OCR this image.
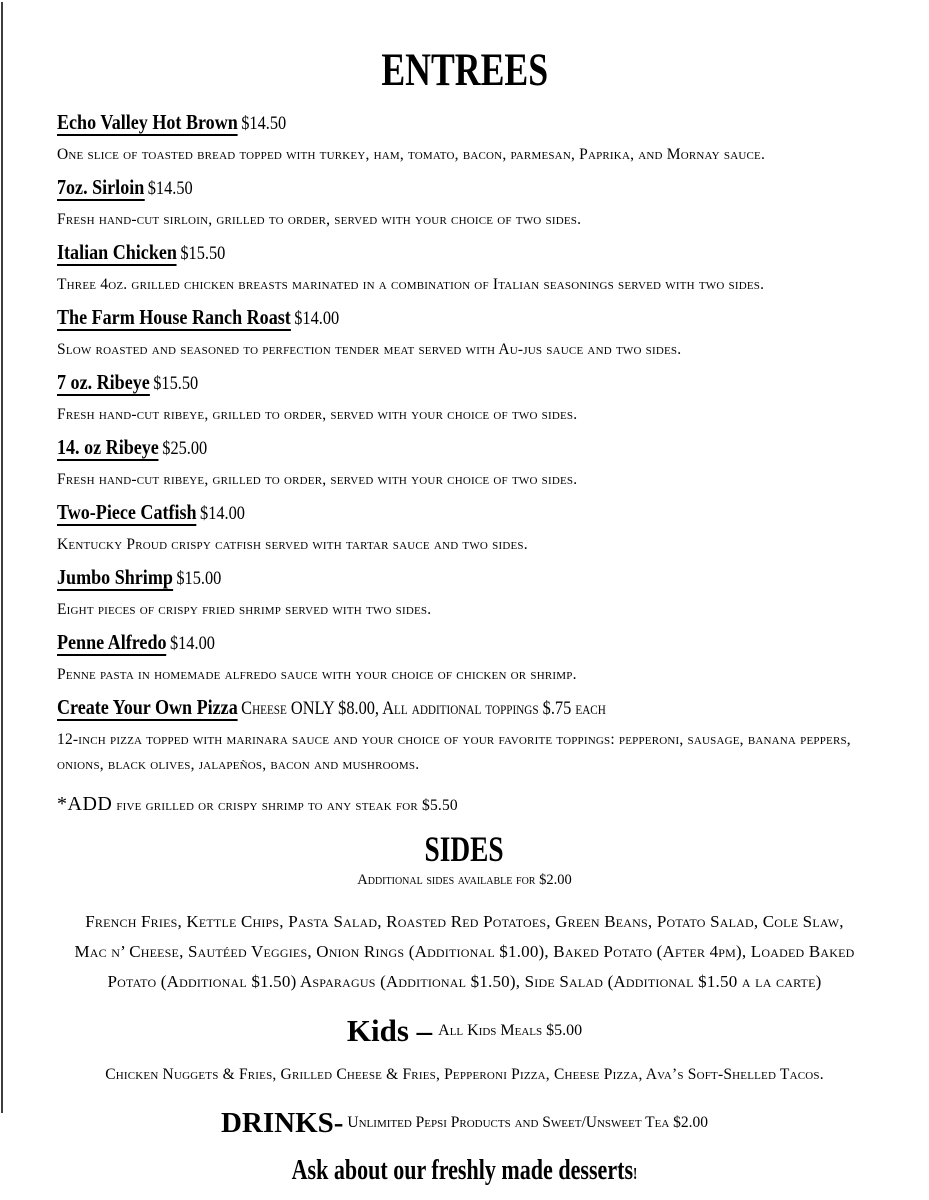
ENTREES
Echo Valley Hot Brown $14.50
One slice of toasted bread topped with turkey, ham, tomato, bacon, parmesan, Paprika, and Mornay sauce.
7oz. Sirloin $14.50
Fresh hand-cut sirloin, grilled to order, served with your choice of two sides.
Italian Chicken $15.50
Three 4oz. grilled chicken breasts marinated in a combination of Italian seasonings served with two sides.
The Farm House Ranch Roast $14.00
Slow roasted and seasoned to perfection tender meat served with Au-jus sauce and two sides.
7 oz. Ribeye $15.50
Fresh hand-cut ribeye, grilled to order, served with your choice of two sides.
14. oz Ribeye $25.00
Fresh hand-cut ribeye, grilled to order, served with your choice of two sides.
Two-Piece Catfish $14.00
Kentucky Proud crispy catfish served with tartar sauce and two sides.
Jumbo Shrimp $15.00
Eight pieces of crispy fried shrimp served with two sides.
Penne Alfredo $14.00
Penne pasta in homemade alfredo sauce with your choice of chicken or shrimp.
Create Your Own Pizza Cheese ONLY $8.00, All additional toppings $.75 each
12-inch pizza topped with marinara sauce and your choice of your favorite toppings: pepperoni, sausage, banana peppers, onions, black olives, jalapeños, bacon and mushrooms.
*ADD five grilled or crispy shrimp to any steak for $5.50
SIDES
Additional sides available for $2.00
French Fries, Kettle Chips, Pasta Salad, Roasted Red Potatoes, Green Beans, Potato Salad, Cole Slaw, Mac n’ Cheese, Sautéed Veggies, Onion Rings (Additional $1.00), Baked Potato (After 4pm), Loaded Baked Potato (Additional $1.50) Asparagus (Additional $1.50), Side Salad (Additional $1.50 a la carte)
Kids – All Kids Meals $5.00
Chicken Nuggets & Fries, Grilled Cheese & Fries, Pepperoni Pizza, Cheese Pizza, Ava’s Soft-Shelled Tacos.
DRINKS- Unlimited Pepsi Products and Sweet/Unsweet Tea $2.00
Ask about our freshly made desserts!
